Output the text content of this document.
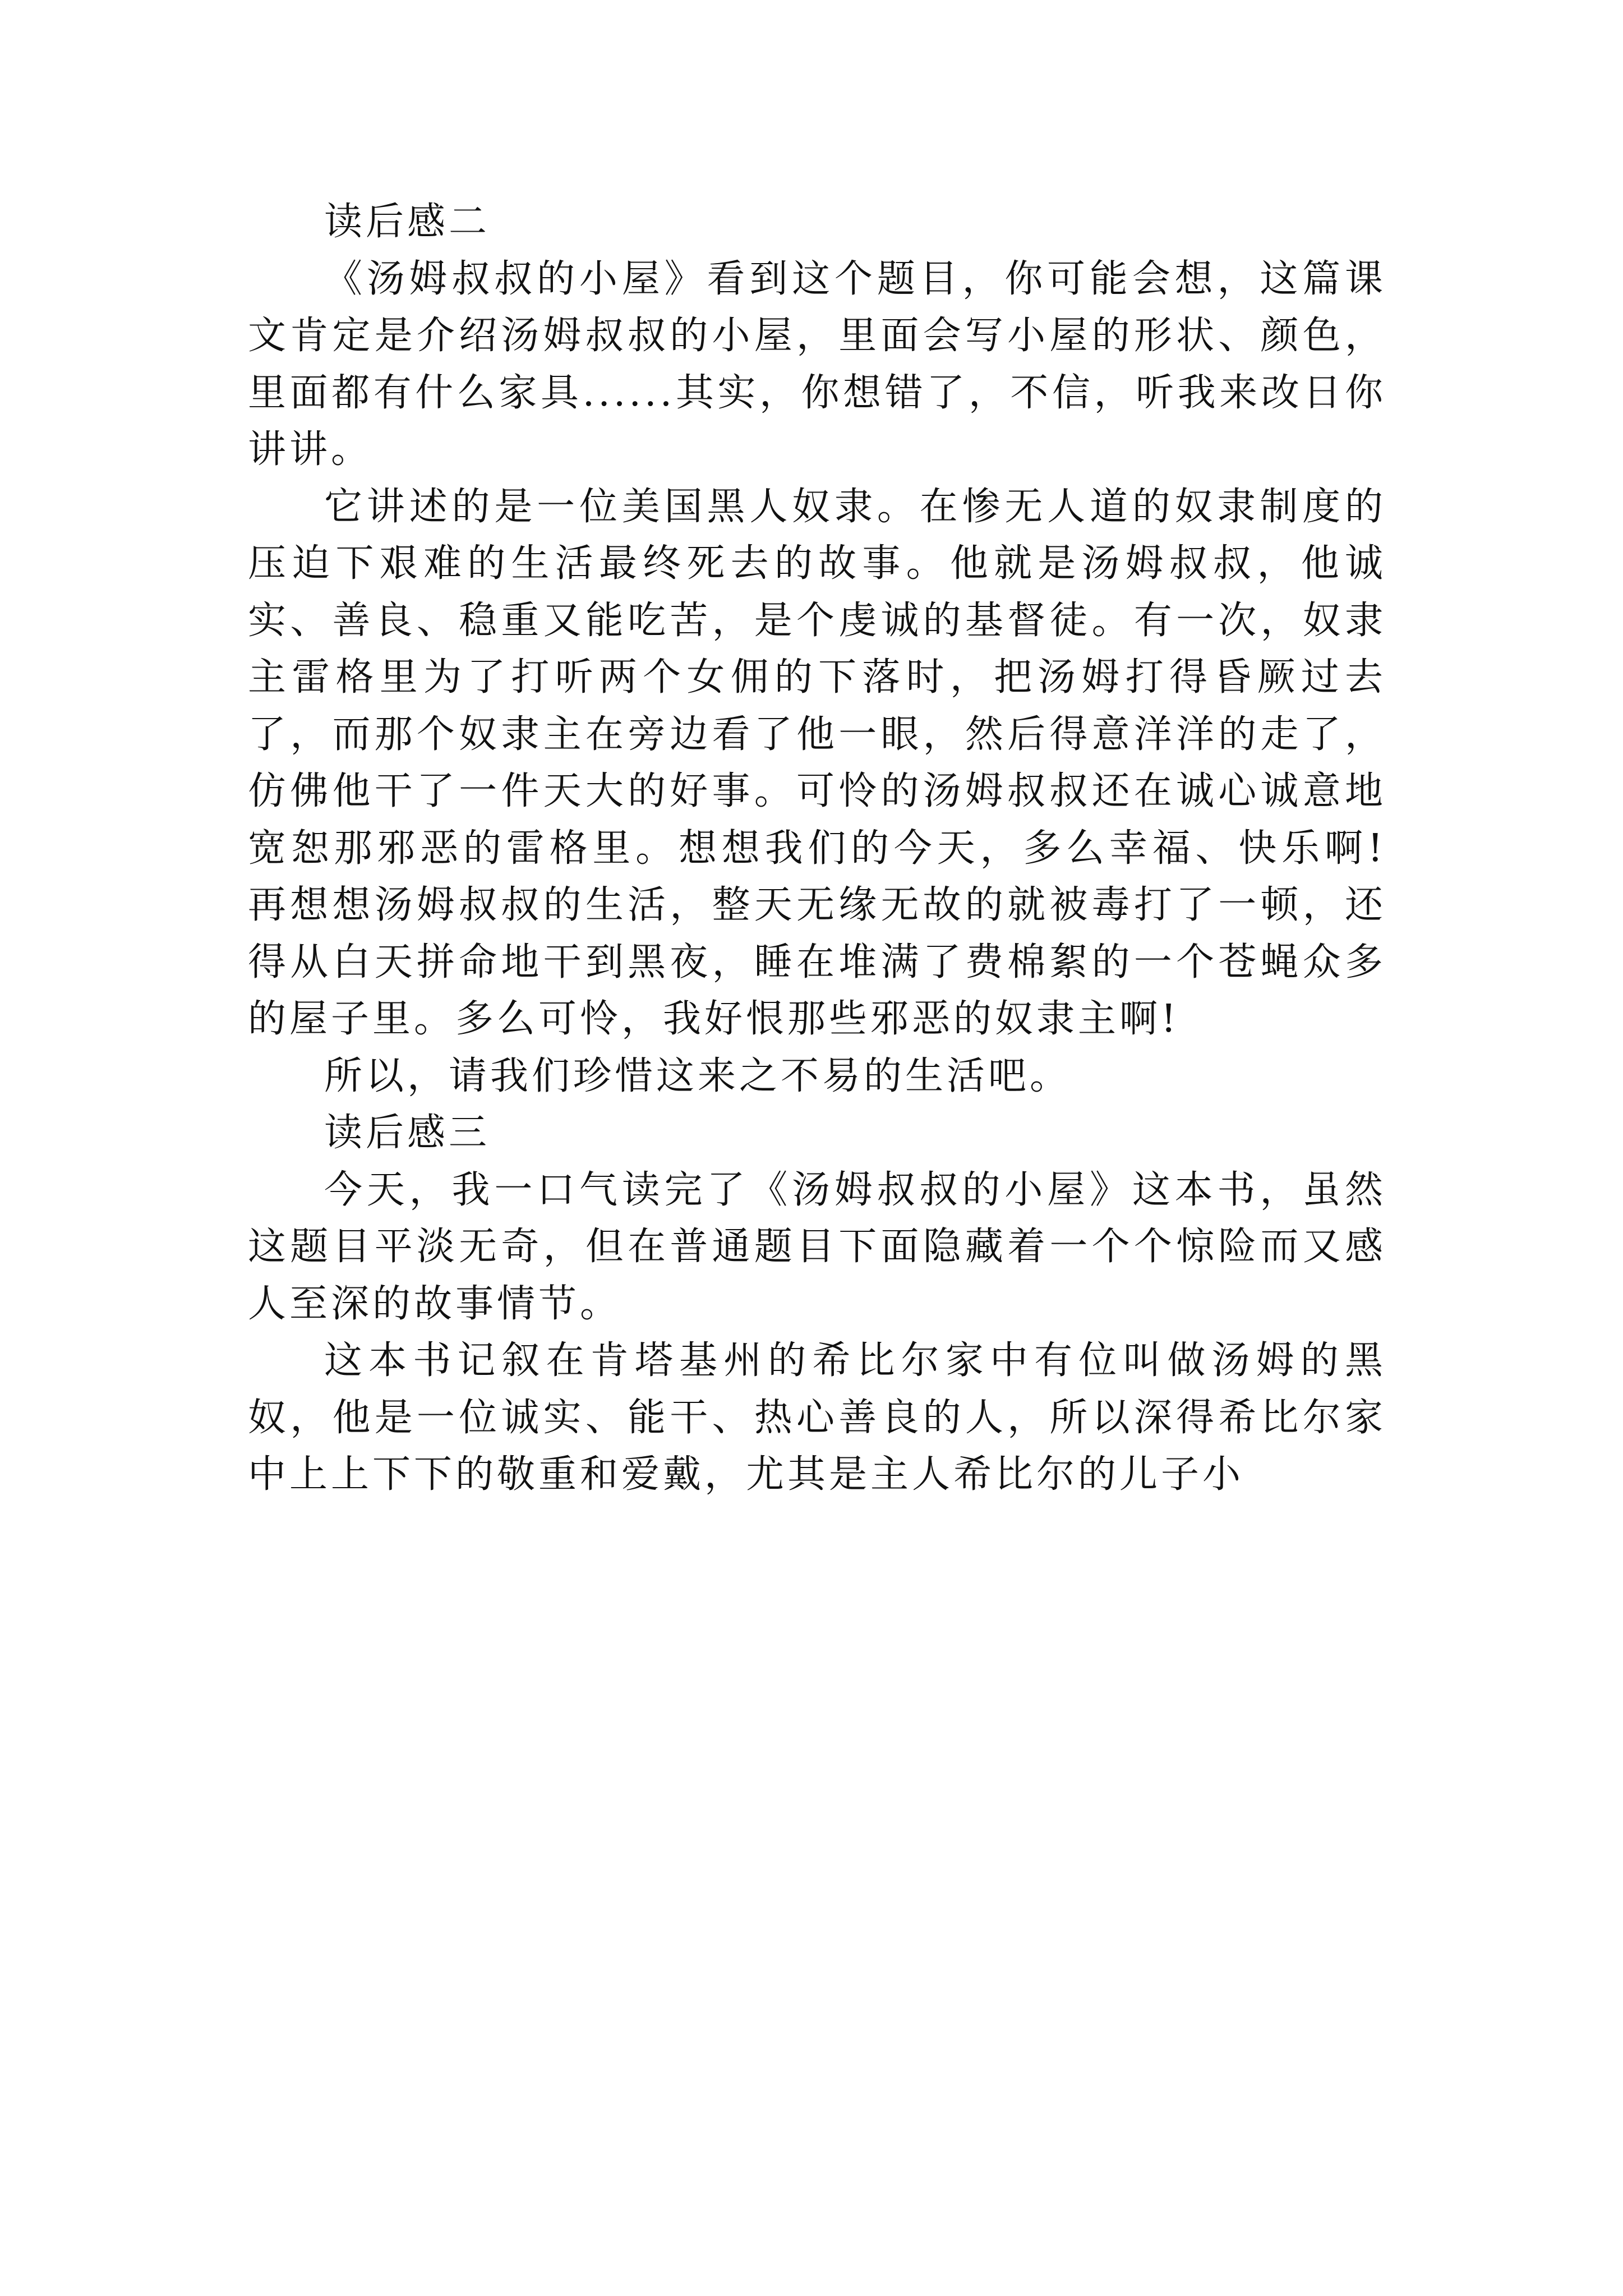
读后感二

《汤姆叔叔的小屋》看到这个题目，你可能会想，这篇课文肯定是介绍汤姆叔叔的小屋，里面会写小屋的形状、颜色，里面都有什么家具......其实，你想错了，不信，听我来改日你讲讲。

它讲述的是一位美国黑人奴隶。在惨无人道的奴隶制度的压迫下艰难的生活最终死去的故事。他就是汤姆叔叔，他诚实、善良、稳重又能吃苦，是个虔诚的基督徒。有一次，奴隶主雷格里为了打听两个女佣的下落时，把汤姆打得昏厥过去了，而那个奴隶主在旁边看了他一眼，然后得意洋洋的走了，仿佛他干了一件天大的好事。可怜的汤姆叔叔还在诚心诚意地宽恕那邪恶的雷格里。想想我们的今天，多么幸福、快乐啊!再想想汤姆叔叔的生活，整天无缘无故的就被毒打了一顿，还得从白天拼命地干到黑夜，睡在堆满了费棉絮的一个苍蝇众多的屋子里。多么可怜，我好恨那些邪恶的奴隶主啊!

所以，请我们珍惜这来之不易的生活吧。

读后感三

今天，我一口气读完了《汤姆叔叔的小屋》这本书，虽然这题目平淡无奇，但在普通题目下面隐藏着一个个惊险而又感人至深的故事情节。

这本书记叙在肯塔基州的希比尔家中有位叫做汤姆的黑奴，他是一位诚实、能干、热心善良的人，所以深得希比尔家中上上下下的敬重和爱戴，尤其是主人希比尔的儿子小
